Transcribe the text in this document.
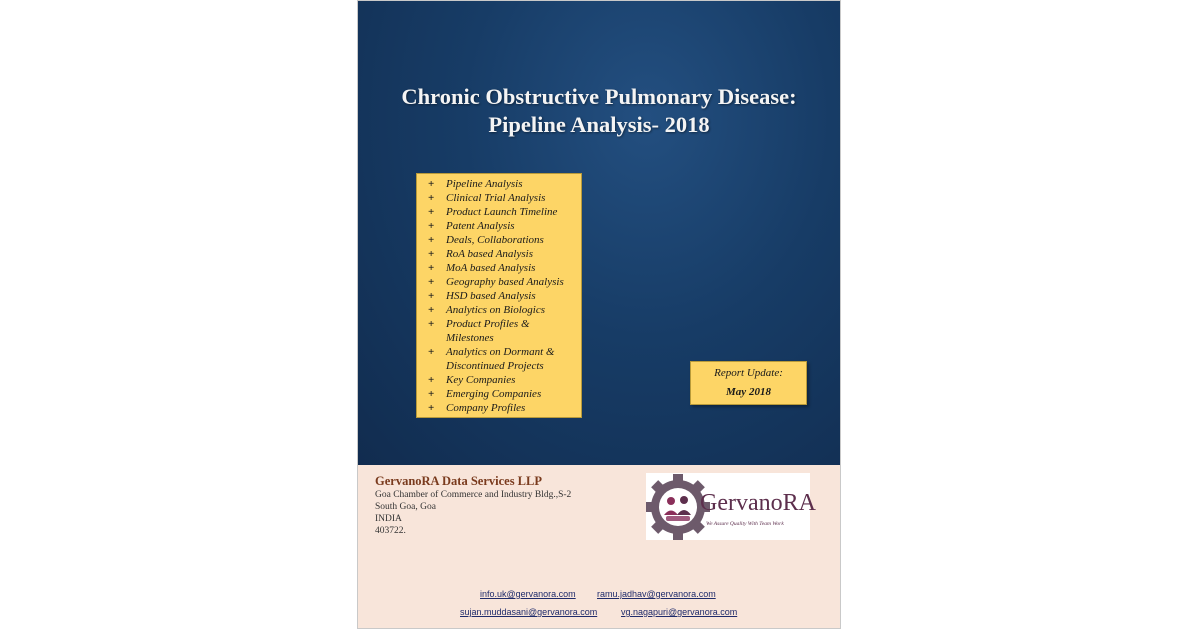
Chronic Obstructive Pulmonary Disease:
Pipeline Analysis- 2018
+ Pipeline Analysis
+ Clinical Trial Analysis
+ Product Launch Timeline
+ Patent Analysis
+ Deals, Collaborations
+ RoA based Analysis
+ MoA based Analysis
+ Geography based Analysis
+ HSD based Analysis
+ Analytics on Biologics
+ Product Profiles &
Milestones
+ Analytics on Dormant &
Discontinued Projects
+ Key Companies
+ Emerging Companies
+ Company Profiles
Report Update:
May 2018
GervanoRA Data Services LLP
Goa Chamber of Commerce and Industry Bldg.,S-2
South Goa, Goa
INDIA
403722.
GervanoRA
We Assure Quality With Team Work
info.uk@gervanora.com ramu.jadhav@gervanora.com
sujan.muddasani@gervanora.com	vg.nagapuri@gervanora.com
